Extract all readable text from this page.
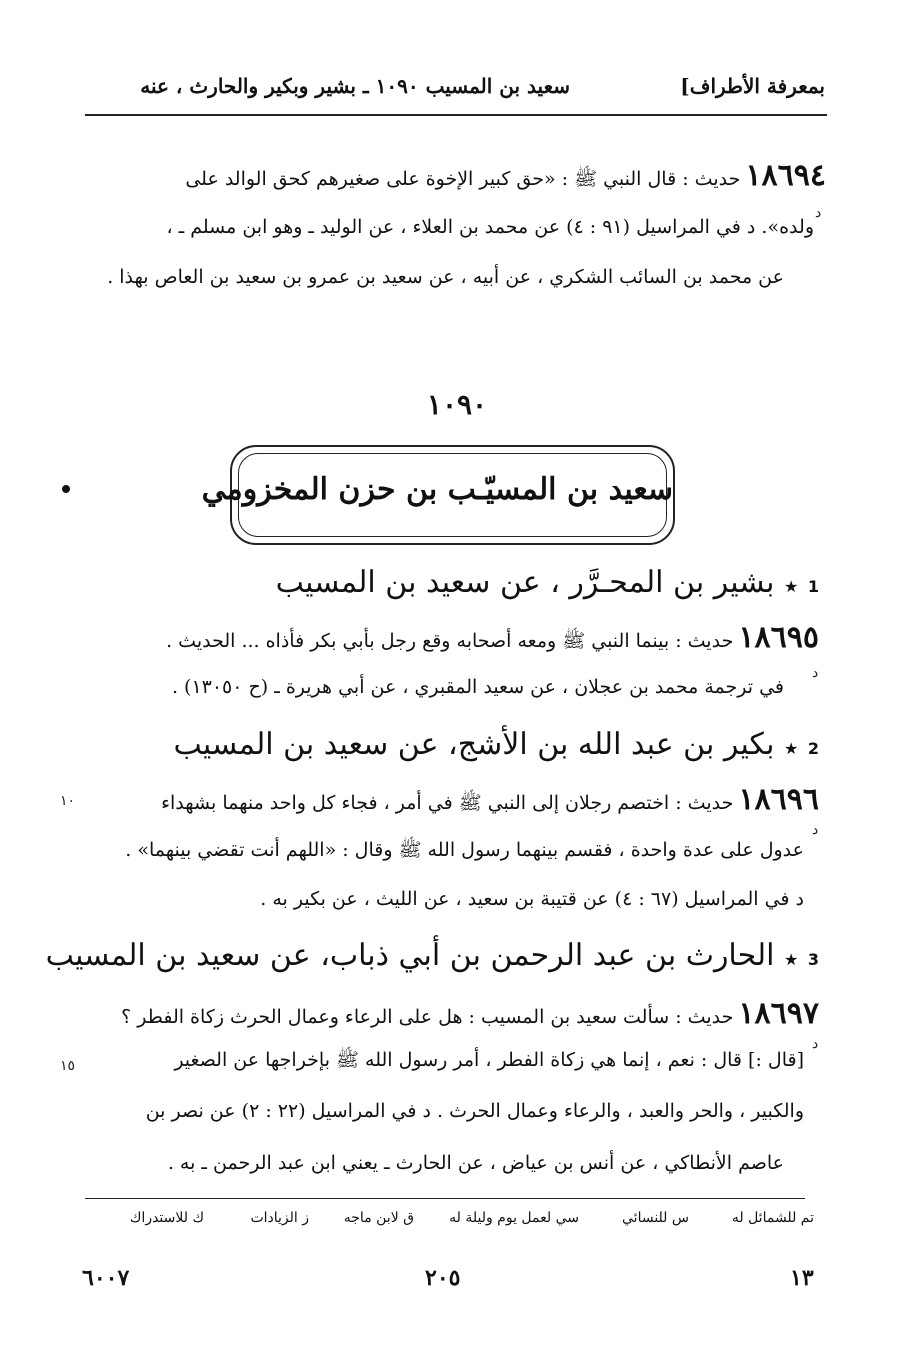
بمعرفة الأطراف]
سعيد بن المسيب ١٠٩٠ ـ بشير وبكير والحارث ، عنه
١٨٦٩٤ حديث : قال النبي ﷺ : «حق كبير الإخوة على صغيرهم كحق الوالد على
ولده». د في المراسيل (٩١ : ٤) عن محمد بن العلاء ، عن الوليد ـ وهو ابن مسلم ـ ،
عن محمد بن السائب الشكري ، عن أبيه ، عن سعيد بن عمرو بن سعيد بن العاص بهذا .
د
١٠٩٠
سعيد بن المسيّـب بن حزن المخزومي
1 ★ بشير بن المحـرَّر ، عن سعيد بن المسيب
١٨٦٩٥ حديث : بينما النبي ﷺ ومعه أصحابه وقع رجل بأبي بكر فأذاه ... الحديث .
في ترجمة محمد بن عجلان ، عن سعيد المقبري ، عن أبي هريرة ـ (ح ١٣٠٥٠) .
د
2 ★ بكير بن عبد الله بن الأشج، عن سعيد بن المسيب
١٨٦٩٦ حديث : اختصم رجلان إلى النبي ﷺ في أمر ، فجاء كل واحد منهما بشهداء
١٠
د
عدول على عدة واحدة ، فقسم بينهما رسول الله ﷺ وقال : «اللهم أنت تقضي بينهما» .
د في المراسيل (٦٧ : ٤) عن قتيبة بن سعيد ، عن الليث ، عن بكير به .
3 ★ الحارث بن عبد الرحمن بن أبي ذباب، عن سعيد بن المسيب
١٨٦٩٧ حديث : سألت سعيد بن المسيب : هل على الرعاء وعمال الحرث زكاة الفطر ؟
د
[قال :] قال : نعم ، إنما هي زكاة الفطر ، أمر رسول الله ﷺ بإخراجها عن الصغير
١٥
والكبير ، والحر والعبد ، والرعاء وعمال الحرث . د في المراسيل (٢٢ : ٢) عن نصر بن
عاصم الأنطاكي ، عن أنس بن عياض ، عن الحارث ـ يعني ابن عبد الرحمن ـ به .
تم للشمائل له
س للنسائي
سي لعمل يوم وليلة له
ق لابن ماجه
ز الزيادات
ك للاستدراك
٦٠٠٧	٢٠٥	١٣
